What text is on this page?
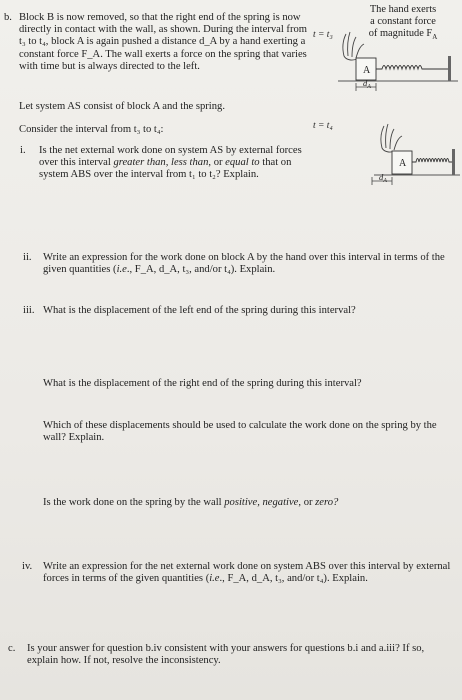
b. Block B is now removed, so that the right end of the spring is now directly in contact with the wall, as shown. During the interval from t₃ to t₄, block A is again pushed a distance d_A by a hand exerting a constant force F_A. The wall exerts a force on the spring that varies with time but is always directed to the left.
The hand exerts
a constant force
of magnitude $F_A$
t = t₃
A
$d_A$
Let system AS consist of block A and the spring.
Consider the interval from t₃ to t₄:	t = t₄
A
$d_A$
i. Is the net external work done on system AS by external forces over this interval greater than, less than, or equal to that on system ABS over the interval from t₁ to t₂? Explain.
ii. Write an expression for the work done on block A by the hand over this interval in terms of the given quantities (i.e., F_A, d_A, t₃, and/or t₄). Explain.
iii. What is the displacement of the left end of the spring during this interval?
What is the displacement of the right end of the spring during this interval?
Which of these displacements should be used to calculate the work done on the spring by the wall? Explain.
Is the work done on the spring by the wall positive, negative, or zero?
iv. Write an expression for the net external work done on system ABS over this interval by external forces in terms of the given quantities (i.e., F_A, d_A, t₃, and/or t₄). Explain.
c. Is your answer for question b.iv consistent with your answers for questions b.i and a.iii? If so, explain how. If not, resolve the inconsistency.
